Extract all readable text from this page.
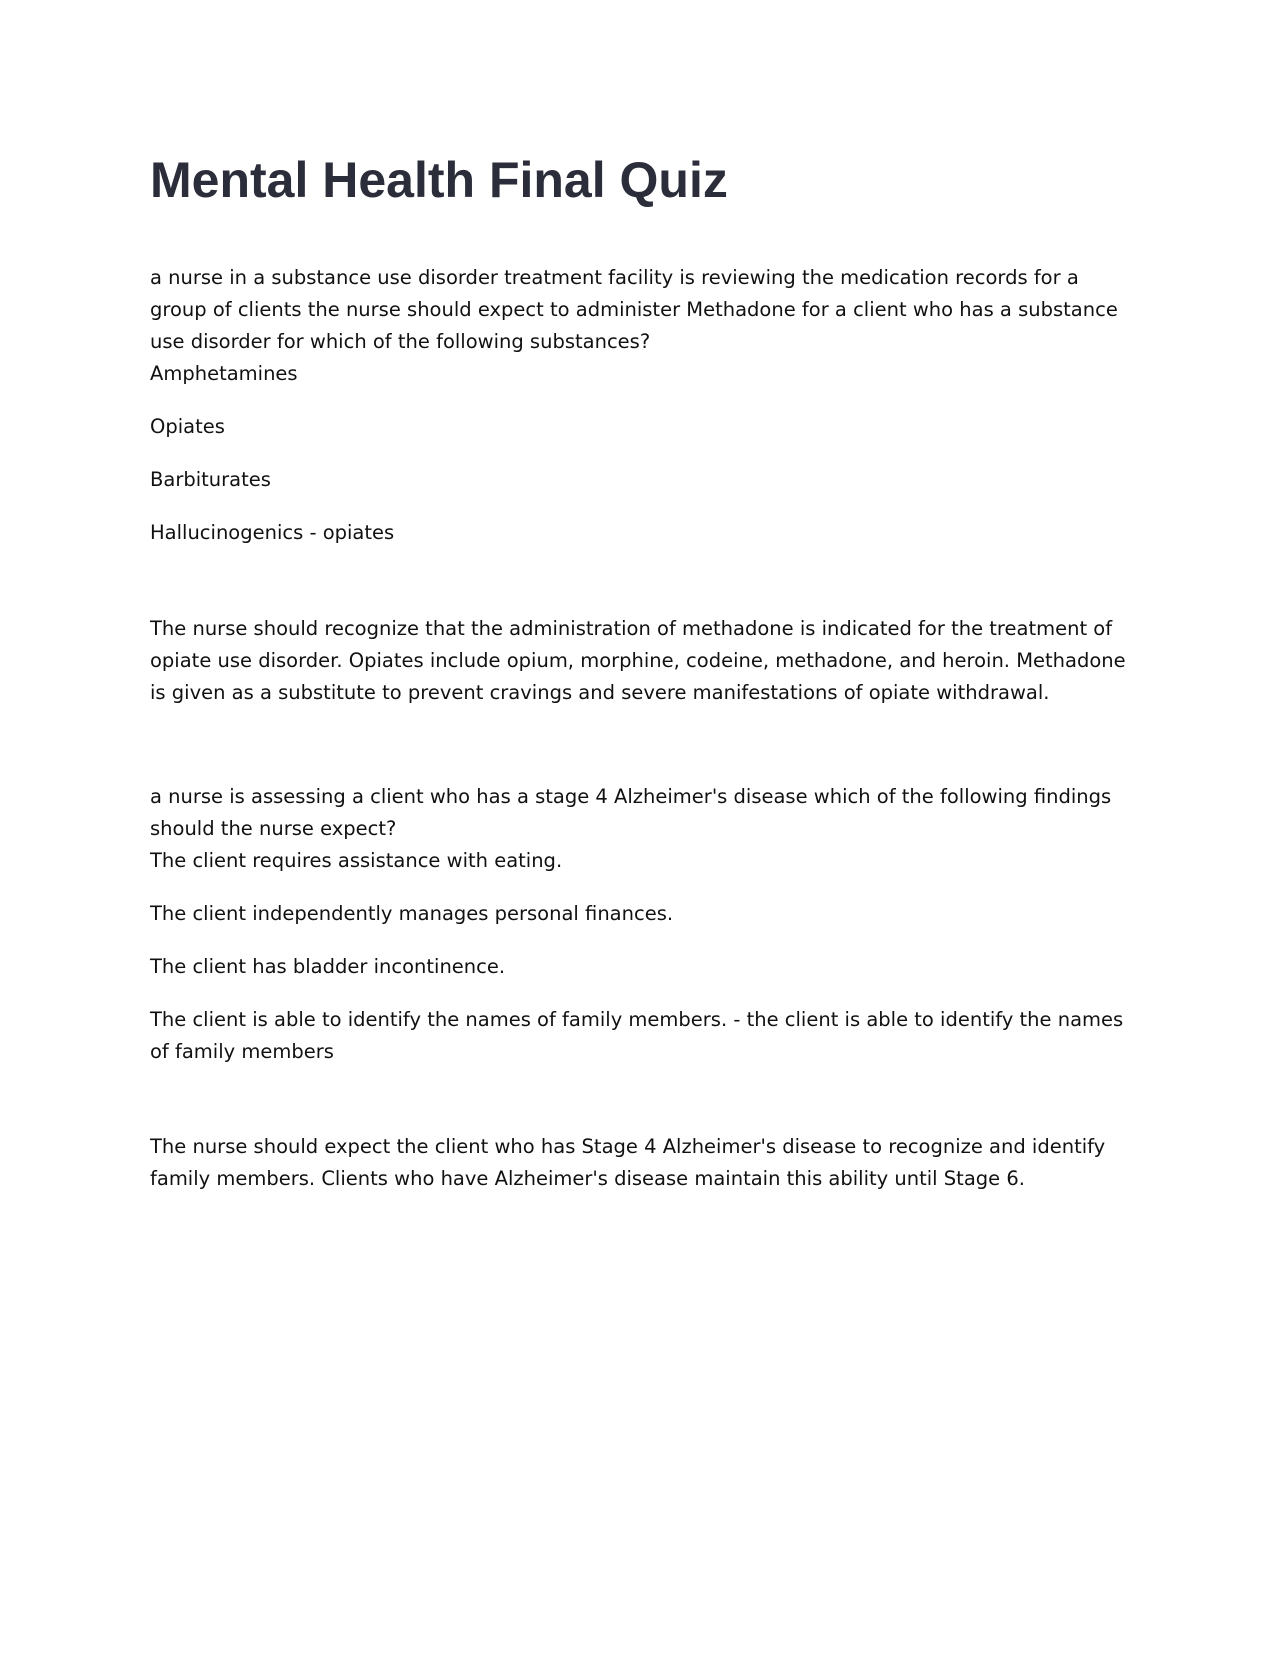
Mental Health Final Quiz

a nurse in a substance use disorder treatment facility is reviewing the medication records for a group of clients the nurse should expect to administer Methadone for a client who has a substance use disorder for which of the following substances?

Amphetamines
Opiates
Barbiturates
Hallucinogenics - opiates

The nurse should recognize that the administration of methadone is indicated for the treatment of opiate use disorder. Opiates include opium, morphine, codeine, methadone, and heroin. Methadone is given as a substitute to prevent cravings and severe manifestations of opiate withdrawal.

a nurse is assessing a client who has a stage 4 Alzheimer's disease which of the following findings should the nurse expect?

The client requires assistance with eating.
The client independently manages personal finances.
The client has bladder incontinence.
The client is able to identify the names of family members. - the client is able to identify the names of family members

The nurse should expect the client who has Stage 4 Alzheimer's disease to recognize and identify family members. Clients who have Alzheimer's disease maintain this ability until Stage 6.
